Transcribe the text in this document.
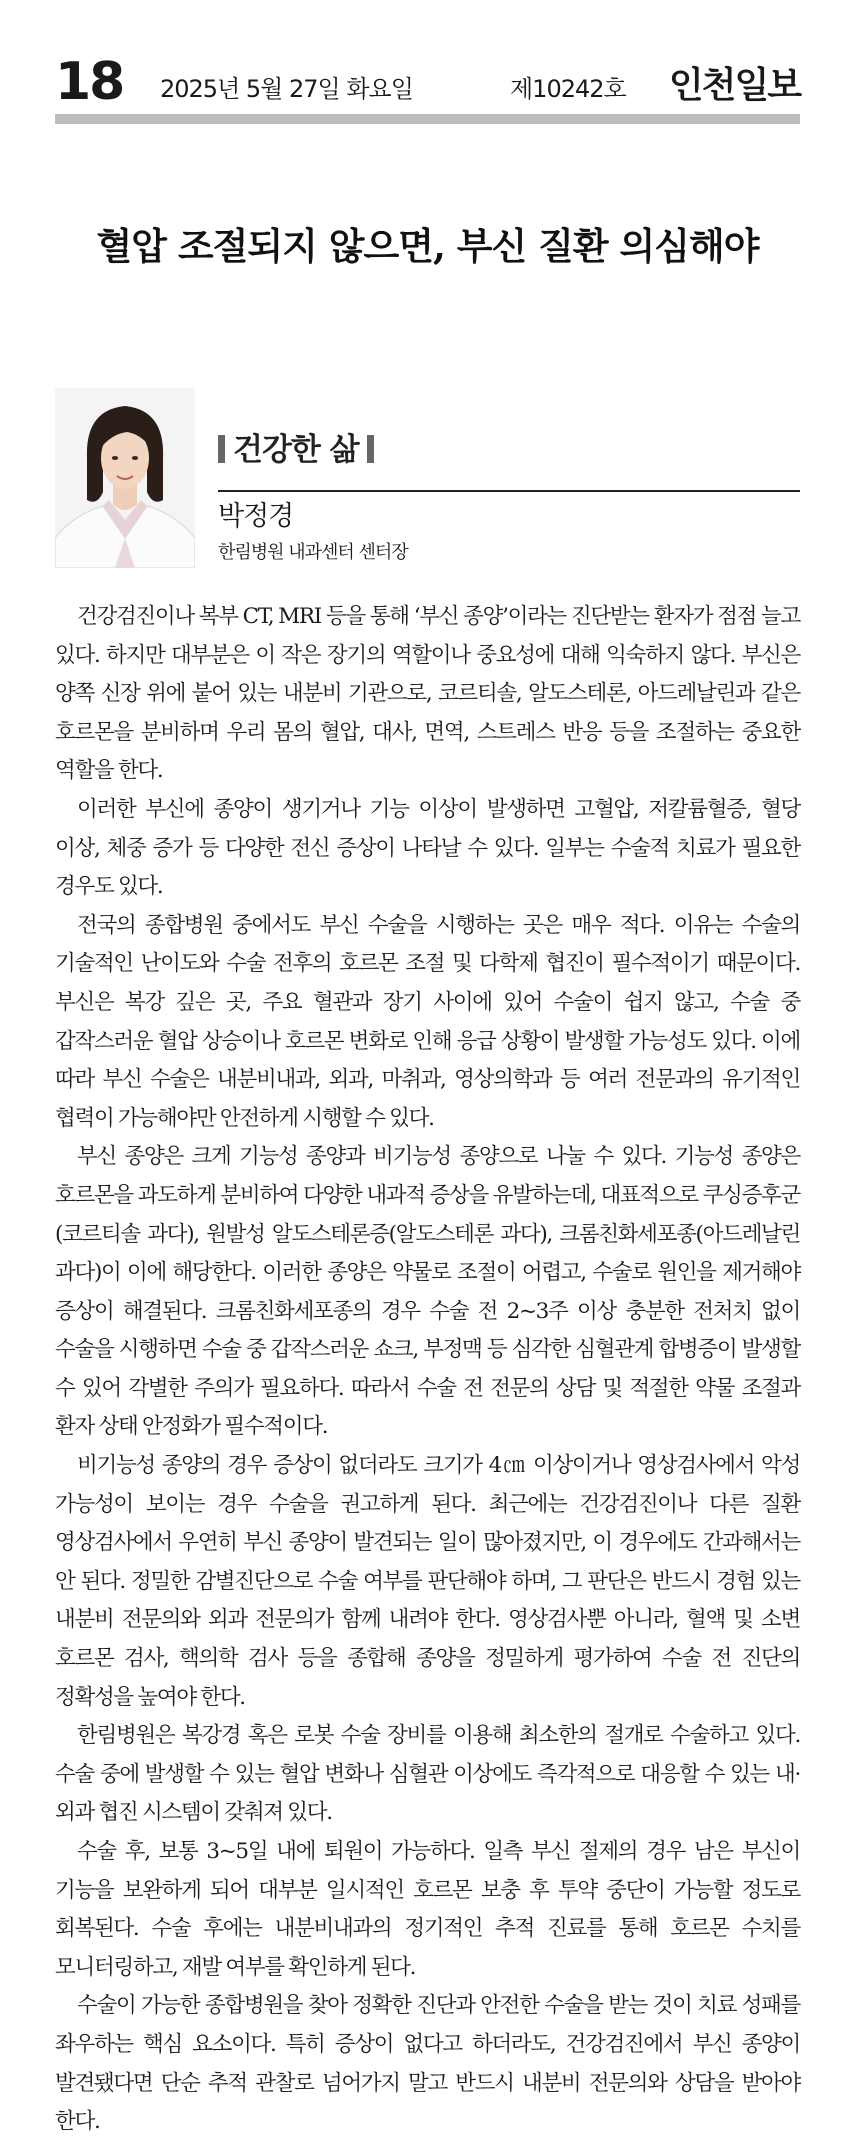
18 2025년 5월 27일 화요일	제10242호 인천일보
혈압 조절되지 않으면, 부신 질환 의심해야
건강한 삶
박정경
한림병원 내과센터 센터장

건강검진이나 복부 CT, MRI 등을 통해 ‘부신 종양’이라는 진단받는 환자가 점점 늘고 있다. 하지만 대부분은 이 작은 장기의 역할이나 중요성에 대해 익숙하지 않다. 부신은 양쪽 신장 위에 붙어 있는 내분비 기관으로, 코르티솔, 알도스테론, 아드레날린과 같은 호르몬을 분비하며 우리 몸의 혈압, 대사, 면역, 스트레스 반응 등을 조절하는 중요한 역할을 한다.

이러한 부신에 종양이 생기거나 기능 이상이 발생하면 고혈압, 저칼륨혈증, 혈당 이상, 체중 증가 등 다양한 전신 증상이 나타날 수 있다. 일부는 수술적 치료가 필요한 경우도 있다.

전국의 종합병원 중에서도 부신 수술을 시행하는 곳은 매우 적다. 이유는 수술의 기술적인 난이도와 수술 전후의 호르몬 조절 및 다학제 협진이 필수적이기 때문이다. 부신은 복강 깊은 곳, 주요 혈관과 장기 사이에 있어 수술이 쉽지 않고, 수술 중 갑작스러운 혈압 상승이나 호르몬 변화로 인해 응급 상황이 발생할 가능성도 있다. 이에 따라 부신 수술은 내분비내과, 외과, 마취과, 영상의학과 등 여러 전문과의 유기적인 협력이 가능해야만 안전하게 시행할 수 있다.

부신 종양은 크게 기능성 종양과 비기능성 종양으로 나눌 수 있다. 기능성 종양은 호르몬을 과도하게 분비하여 다양한 내과적 증상을 유발하는데, 대표적으로 쿠싱증후군(코르티솔 과다), 원발성 알도스테론증(알도스테론 과다), 크롬친화세포종(아드레날린 과다)이 이에 해당한다. 이러한 종양은 약물로 조절이 어렵고, 수술로 원인을 제거해야 증상이 해결된다. 크롬친화세포종의 경우 수술 전 2~3주 이상 충분한 전처치 없이 수술을 시행하면 수술 중 갑작스러운 쇼크, 부정맥 등 심각한 심혈관계 합병증이 발생할 수 있어 각별한 주의가 필요하다. 따라서 수술 전 전문의 상담 및 적절한 약물 조절과 환자 상태 안정화가 필수적이다.

비기능성 종양의 경우 증상이 없더라도 크기가 4㎝ 이상이거나 영상검사에서 악성 가능성이 보이는 경우 수술을 권고하게 된다. 최근에는 건강검진이나 다른 질환 영상검사에서 우연히 부신 종양이 발견되는 일이 많아졌지만, 이 경우에도 간과해서는 안 된다. 정밀한 감별진단으로 수술 여부를 판단해야 하며, 그 판단은 반드시 경험 있는 내분비 전문의와 외과 전문의가 함께 내려야 한다. 영상검사뿐 아니라, 혈액 및 소변 호르몬 검사, 핵의학 검사 등을 종합해 종양을 정밀하게 평가하여 수술 전 진단의 정확성을 높여야 한다.

한림병원은 복강경 혹은 로봇 수술 장비를 이용해 최소한의 절개로 수술하고 있다. 수술 중에 발생할 수 있는 혈압 변화나 심혈관 이상에도 즉각적으로 대응할 수 있는 내·외과 협진 시스템이 갖춰져 있다.

수술 후, 보통 3~5일 내에 퇴원이 가능하다. 일측 부신 절제의 경우 남은 부신이 기능을 보완하게 되어 대부분 일시적인 호르몬 보충 후 투약 중단이 가능할 정도로 회복된다. 수술 후에는 내분비내과의 정기적인 추적 진료를 통해 호르몬 수치를 모니터링하고, 재발 여부를 확인하게 된다.

수술이 가능한 종합병원을 찾아 정확한 진단과 안전한 수술을 받는 것이 치료 성패를 좌우하는 핵심 요소이다. 특히 증상이 없다고 하더라도, 건강검진에서 부신 종양이 발견됐다면 단순 추적 관찰로 넘어가지 말고 반드시 내분비 전문의와 상담을 받아야 한다.
